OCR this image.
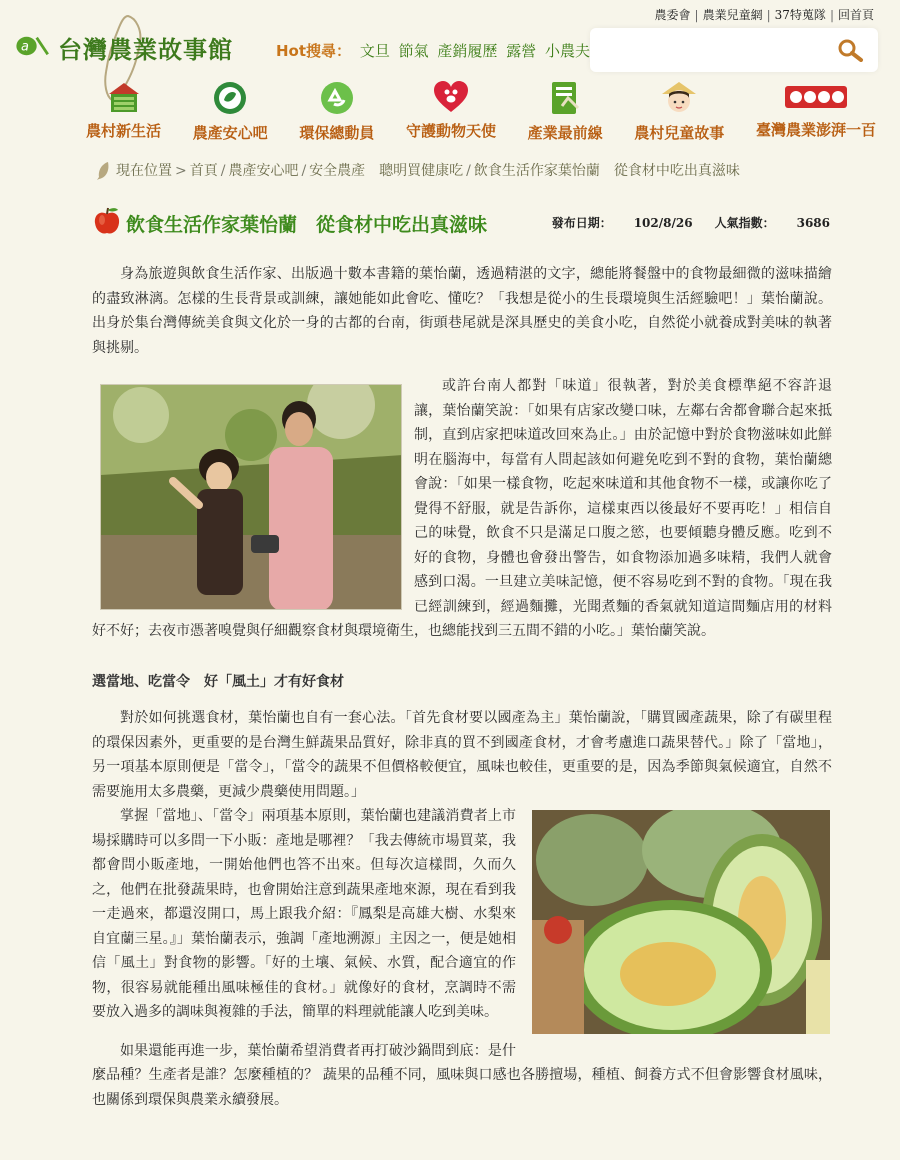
農委會 | 農業兒童網 | 37特蒐隊 | 回首頁
a 台灣農業故事館	Hot搜尋： 文旦 節氣 產銷履歷 露營 小農夫
農村新生活 農產安心吧 環保總動員 守護動物天使 產業最前線 農村兒童故事 臺灣農業澎湃一百
現在位置 > 首頁 / 農產安心吧 / 安全農產　聰明買健康吃 / 飲食生活作家葉怡蘭　從食材中吃出真滋味
飲食生活作家葉怡蘭　從食材中吃出真滋味	發布日期： 102/8/26 人氣指數： 3686

身為旅遊與飲食生活作家、出版過十數本書籍的葉怡蘭，透過精湛的文字，總能將餐盤中的食物最細微的滋味描繪的盡致淋漓。怎樣的生長背景或訓練，讓她能如此會吃、懂吃？「我想是從小的生長環境與生活經驗吧！」葉怡蘭說。出身於集台灣傳統美食與文化於一身的古都的台南，街頭巷尾就是深具歷史的美食小吃，自然從小就養成對美味的執著與挑剔。

或許台南人都對「味道」很執著，對於美食標準絕不容許退讓，葉怡蘭笑說：「如果有店家改變口味，左鄰右舍都會聯合起來抵制，直到店家把味道改回來為止。」由於記憶中對於食物滋味如此鮮明在腦海中，每當有人問起該如何避免吃到不對的食物，葉怡蘭總會說：「如果一樣食物，吃起來味道和其他食物不一樣，或讓你吃了覺得不舒服，就是告訴你，這樣東西以後最好不要再吃！」相信自己的味覺，飲食不只是滿足口腹之慾，也要傾聽身體反應。吃到不好的食物，身體也會發出警告，如食物添加過多味精，我們人就會感到口渴。一旦建立美味記憶，便不容易吃到不對的食物。「現在我已經訓練到，經過麵攤，光聞煮麵的香氣就知道這間麵店用的材料好不好；去夜市憑著嗅覺與仔細觀察食材與環境衛生，也總能找到三五間不錯的小吃。」葉怡蘭笑說。

選當地、吃當令　好「風土」才有好食材

對於如何挑選食材，葉怡蘭也自有一套心法。「首先食材要以國產為主」葉怡蘭說，「購買國產蔬果，除了有碳里程的環保因素外，更重要的是台灣生鮮蔬果品質好，除非真的買不到國產食材，才會考慮進口蔬果替代。」除了「當地」，另一項基本原則便是「當令」，「當令的蔬果不但價格較便宜，風味也較佳，更重要的是，因為季節與氣候適宜，自然不需要施用太多農藥，更減少農藥使用問題。」

掌握「當地」、「當令」兩項基本原則，葉怡蘭也建議消費者上市場採購時可以多問一下小販：產地是哪裡？「我去傳統市場買菜，我都會問小販產地，一開始他們也答不出來。但每次這樣問，久而久之，他們在批發蔬果時，也會開始注意到蔬果產地來源，現在看到我一走過來，都還沒開口，馬上跟我介紹：『鳳梨是高雄大樹、水梨來自宜蘭三星。』」葉怡蘭表示，強調「產地溯源」主因之一，便是她相信「風土」對食物的影響。「好的土壤、氣候、水質，配合適宜的作物，很容易就能種出風味極佳的食材。」就像好的食材，烹調時不需要放入過多的調味與複雜的手法，簡單的料理就能讓人吃到美味。

如果還能再進一步，葉怡蘭希望消費者再打破沙鍋問到底：是什麼品種？生產者是誰？怎麼種植的？ 蔬果的品種不同，風味與口感也各勝擅場，種植、飼養方式不但會影響食材風味，也關係到環保與農業永續發展。
